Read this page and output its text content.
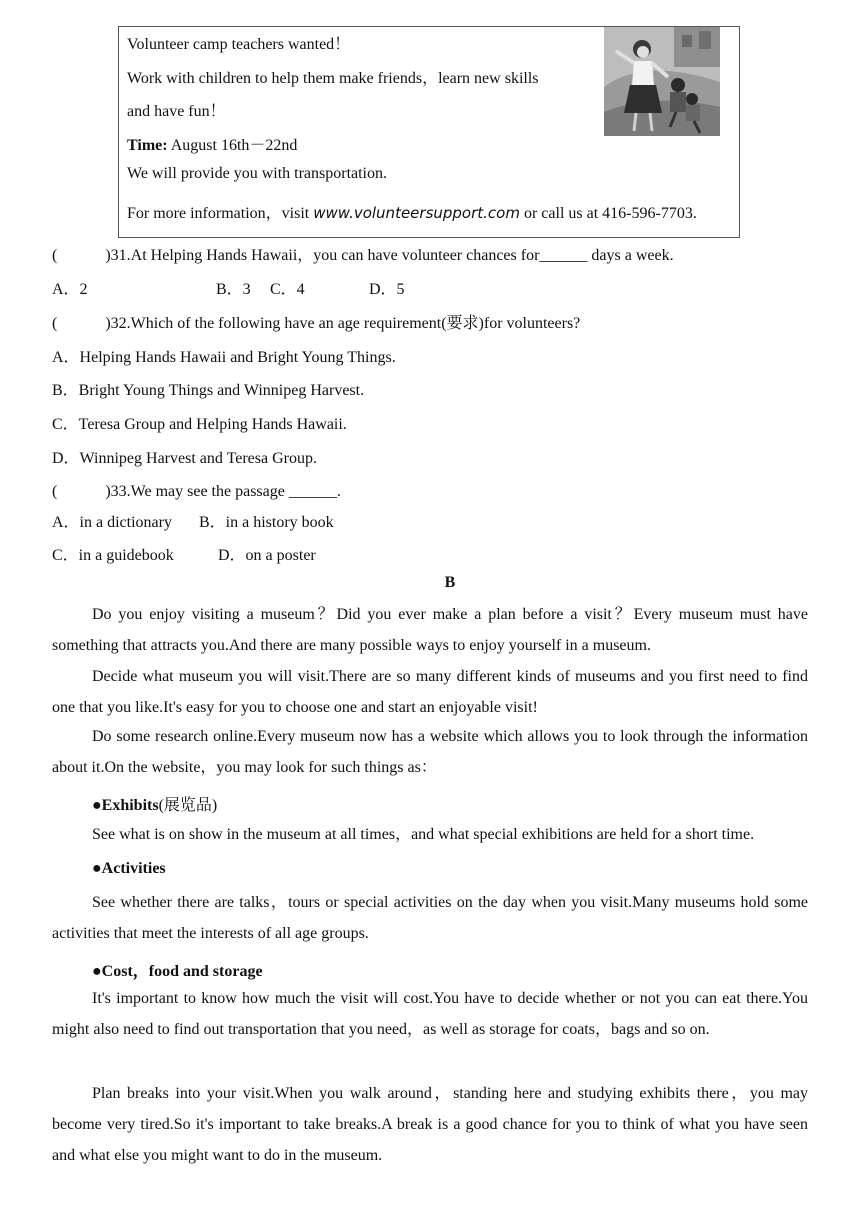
Volunteer camp teachers wanted！
Work with children to help them make friends，learn new skills
and have fun！
Time: August 16th－22nd
We will provide you with transportation.
For more information，visit www.volunteersupport.com or call us at 416-596-7703.
(　　　)31.At Helping Hands Hawaii，you can have volunteer chances for______ days a week.
A．2	B．3 C．4	D．5
(　　　)32.Which of the following have an age requirement(要求)for volunteers?
A．Helping Hands Hawaii and Bright Young Things.
B．Bright Young Things and Winnipeg Harvest.
C．Teresa Group and Helping Hands Hawaii.
D．Winnipeg Harvest and Teresa Group.
(　　　)33.We may see the passage ______.
A．in a dictionary B．in a history book
C．in a guidebook	D．on a poster
B
Do you enjoy visiting a museum？Did you ever make a plan before a visit？Every museum must have something that attracts you.And there are many possible ways to enjoy yourself in a museum.
Decide what museum you will visit.There are so many different kinds of museums and you first need to find one that you like.It's easy for you to choose one and start an enjoyable visit!
Do some research online.Every museum now has a website which allows you to look through the information about it.On the website，you may look for such things as：
●Exhibits(展览品)
See what is on show in the museum at all times，and what special exhibitions are held for a short time.
●Activities
See whether there are talks，tours or special activities on the day when you visit.Many museums hold some activities that meet the interests of all age groups.
●Cost，food and storage
It's important to know how much the visit will cost.You have to decide whether or not you can eat there.You might also need to find out transportation that you need，as well as storage for coats，bags and so on.
Plan breaks into your visit.When you walk around，standing here and studying exhibits there，you may become very tired.So it's important to take breaks.A break is a good chance for you to think of what you have seen and what else you might want to do in the museum.
